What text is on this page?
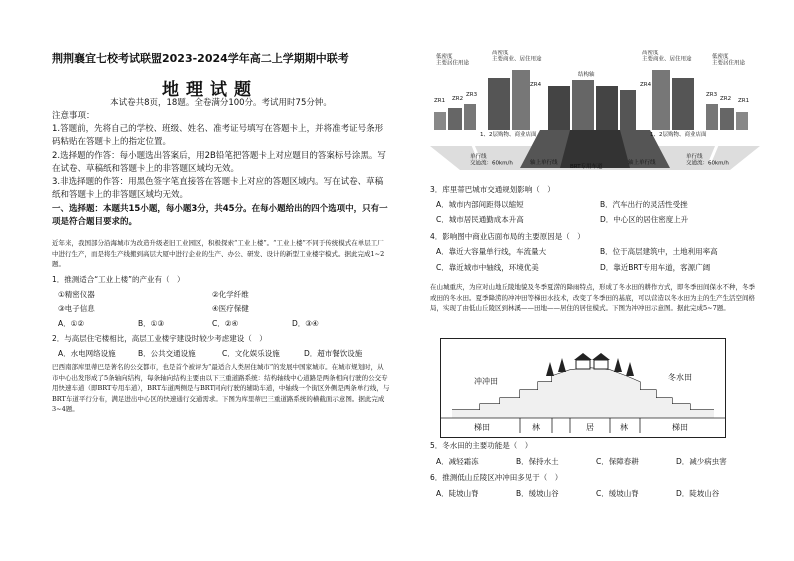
荆荆襄宜七校考试联盟2023-2024学年高二上学期期中联考
地理试题
本试卷共8页，18题。全卷满分100分。考试用时75分钟。
注意事项：
1.答题前，先将自己的学校、班级、姓名、准考证号填写在答题卡上，并将准考证号条形码粘贴在答题卡上的指定位置。
2.选择题的作答：每小题选出答案后，用2B铅笔把答题卡上对应题目的答案标号涂黑。写在试卷、草稿纸和答题卡上的非答题区域均无效。
3.非选择题的作答：用黑色签字笔直接答在答题卡上对应的答题区域内。写在试卷、草稿纸和答题卡上的非答题区域均无效。
一、选择题：本题共15小题，每小题3分，共45分。在每小题给出的四个选项中，只有一项是符合题目要求的。
近年来，我国部分沿海城市为改造升级老旧工业园区，积极探索“工业上楼”。“工业上楼”不同于传统模式在单层工厂中进行生产，而是将生产线搬到高层大厦中进行企业的生产、办公、研发、设计的新型工业楼宇模式。据此完成1~2题。
1．推测适合“工业上楼”的产业有（　）
①精密仪器	②化学纤维
③电子信息	④医疗保健
A．①②	B．①③	C．②④	D．③④
2．与高层住宅楼相比，高层工业楼宇建设时较少考虑建设（　）
A．水电网络设施	B．公共交通设施	C．文化娱乐设施	D．超市餐饮设施
巴西南部库里蒂巴是著名的公交都市，也是首个被评为“最适合人类居住城市”的发展中国家城市。在城市规划时，从市中心出发形成了5条轴向结构，每条轴向结构主要由以下三重道路系统：结构轴线中心道路是两条相向行驶的公交专用快速车道（即BRT专用车道），BRT车道两侧是与BRT同向行驶的辅助车道，中轴线一个街区外侧是两条单行线，与BRT车道平行分布，满足进出中心区的快速通行交通需求。下图为库里蒂巴三重道路系统的横截面示意图。据此完成3~4题。
低密度主要居住用途
高密度主要商业、居住用途
结构轴
高密度主要商业、居住用途	低密度主要居住用途
1、2层购物、商业店面	1、2层购物、商业店面
单行线交通流：60km/h	轴上单行线
BRT专用车道
轴上单行线
单行线交通流：60km/h
ZR1 ZR2
ZR3
ZR4	ZR4
ZR3
ZR2 ZR1
3．库里蒂巴城市交通规划影响（　）
A．城市内部间距得以缩短	B．汽车出行的灵活性受挫
C．城市居民通勤成本升高	D．中心区的居住密度上升
4．影响图中商业店面布局的主要原因是（　）
A．靠近大容量单行线，车流量大	B．位于高层建筑中，土地利用率高
C．靠近城市中轴线，环境优美	D．靠近BRT专用车道，客源广阔
在山城重庆，为应对山地丘陵地貌及冬季夏涝的降雨特点，形成了冬水田的耕作方式，即冬季田间保水不种，冬季或田的冬水田。夏季降涝的冲冲田等梯田水技术，改变了冬季田的基底，可以营造以冬水田为主的生产生活空间格局，实现了由低山丘陵区到林溪——田地——居住的居住模式。下图为冲冲田示意图。据此完成5~7题。
冲冲田	冬水田
梯田	林	居	林	梯田
5．冬水田的主要功能是（　）
A．减轻霜冻	B．保持水土	C．保障春耕	D．减少病虫害
6．推测低山丘陵区冲冲田多见于（　）
A．陡坡山脊	B．缓坡山谷	C．缓坡山脊	D．陡坡山谷
